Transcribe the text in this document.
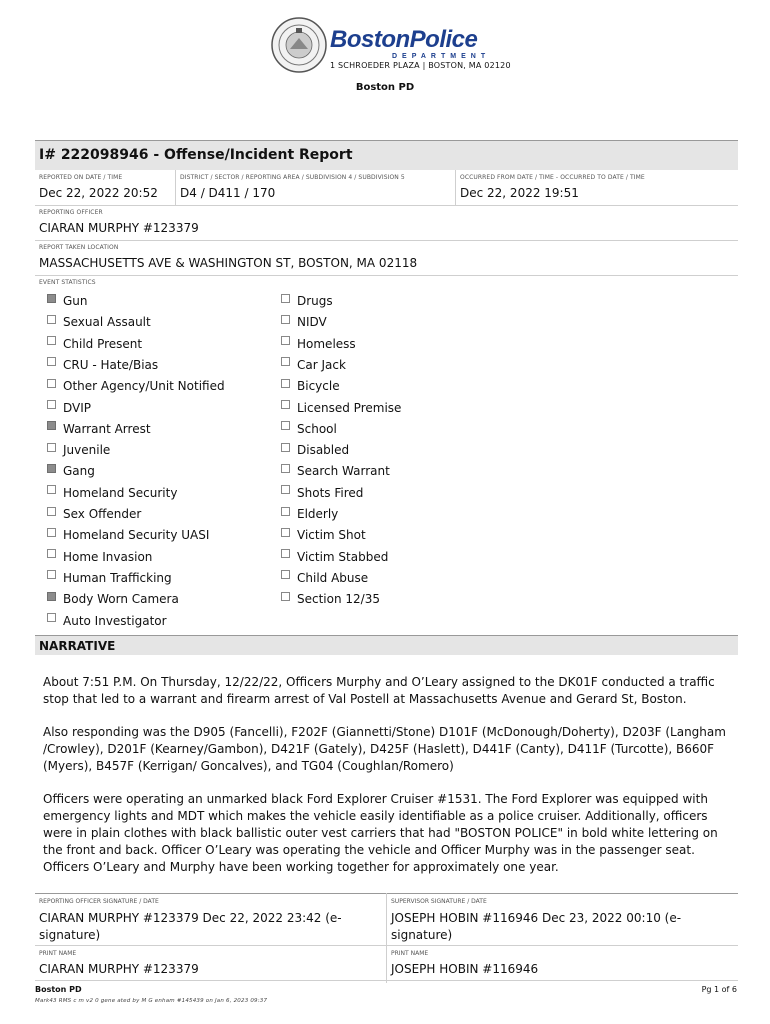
BostonPolice
DEPARTMENT
1 SCHROEDER PLAZA | BOSTON, MA 02120
Boston PD
I# 222098946 - Offense/Incident Report
REPORTED ON DATE / TIME
Dec 22, 2022 20:52
DISTRICT / SECTOR / REPORTING AREA / SUBDIVISION 4 / SUBDIVISION 5
D4 / D411 / 170
OCCURRED FROM DATE / TIME - OCCURRED TO DATE / TIME
Dec 22, 2022 19:51
REPORTING OFFICER
CIARAN MURPHY #123379
REPORT TAKEN LOCATION
MASSACHUSETTS AVE & WASHINGTON ST, BOSTON, MA 02118
EVENT STATISTICS
Gun
Sexual Assault
Child Present
CRU - Hate/Bias
Other Agency/Unit Notified
DVIP
Warrant Arrest
Juvenile
Gang
Homeland Security
Sex Offender
Homeland Security UASI
Home Invasion
Human Trafficking
Body Worn Camera
Auto Investigator
Drugs
NIDV
Homeless
Car Jack
Bicycle
Licensed Premise
School
Disabled
Search Warrant
Shots Fired
Elderly
Victim Shot
Victim Stabbed
Child Abuse
Section 12/35
NARRATIVE
About 7:51 P.M. On Thursday, 12/22/22, Officers Murphy and O’Leary assigned to the DK01F conducted a traffic stop that led to a warrant and firearm arrest of Val Postell at Massachusetts Avenue and Gerard St, Boston.
Also responding was the D905 (Fancelli), F202F (Giannetti/Stone) D101F (McDonough/Doherty), D203F (Langham /Crowley), D201F (Kearney/Gambon), D421F (Gately), D425F (Haslett), D441F (Canty), D411F (Turcotte), B660F (Myers), B457F (Kerrigan/ Goncalves), and TG04 (Coughlan/Romero)
Officers were operating an unmarked black Ford Explorer Cruiser #1531. The Ford Explorer was equipped with emergency lights and MDT which makes the vehicle easily identifiable as a police cruiser. Additionally, officers were in plain clothes with black ballistic outer vest carriers that had "BOSTON POLICE" in bold white lettering on the front and back. Officer O’Leary was operating the vehicle and Officer Murphy was in the passenger seat. Officers O’Leary and Murphy have been working together for approximately one year.
REPORTING OFFICER SIGNATURE / DATE
CIARAN MURPHY #123379 Dec 22, 2022 23:42 (e-signature)
SUPERVISOR SIGNATURE / DATE
JOSEPH HOBIN #116946 Dec 23, 2022 00:10 (e-signature)
PRINT NAME
CIARAN MURPHY #123379
PRINT NAME
JOSEPH HOBIN #116946
Boston PD
Mark43 RMS c m v2 0 gene ated by M G enham #145439 on Jan 6, 2023 09:37
Pg 1 of 6
